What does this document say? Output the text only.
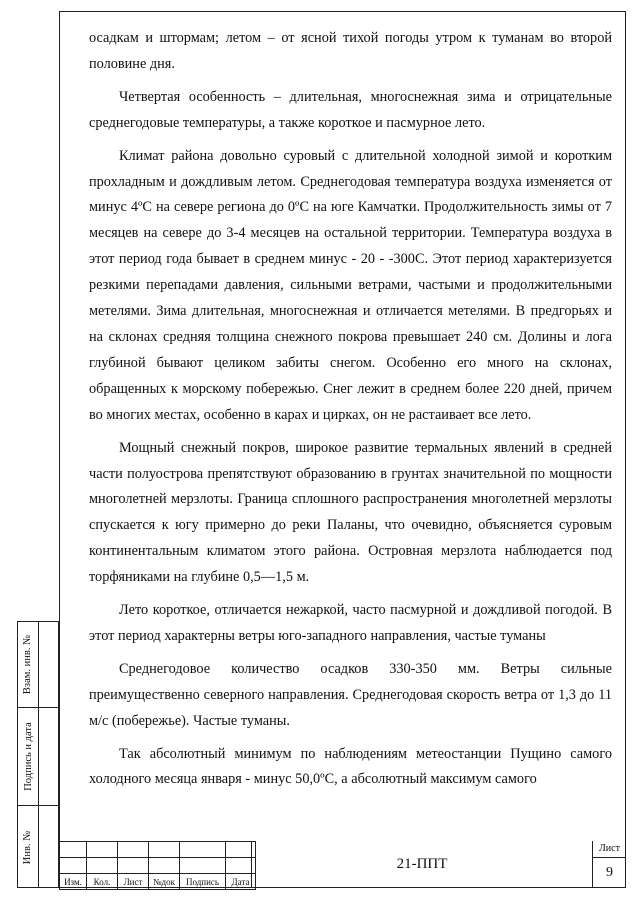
осадкам и штормам; летом – от ясной тихой погоды утром к туманам во второй половине дня.

Четвертая особенность – длительная, многоснежная зима и отрицательные среднегодовые температуры, а также короткое и пасмурное лето.

Климат района довольно суровый с длительной холодной зимой и коротким прохладным и дождливым летом. Среднегодовая температура воздуха изменяется от минус 4ºС на севере региона до 0ºС на юге Камчатки. Продолжительность зимы от 7 месяцев на севере до 3-4 месяцев на остальной территории. Температура воздуха в этот период года бывает в среднем минус - 20 - -300С. Этот период характеризуется резкими перепадами давления, сильными ветрами, частыми и продолжительными метелями. Зима длительная, многоснежная и отличается метелями. В предгорьях и на склонах средняя толщина снежного покрова превышает 240 см. Долины и лога глубиной бывают целиком забиты снегом. Особенно его много на склонах, обращенных к морскому побережью. Снег лежит в среднем более 220 дней, причем во многих местах, особенно в карах и цирках, он не растаивает все лето.

Мощный снежный покров, широкое развитие термальных явлений в средней части полуострова препятствуют образованию в грунтах значительной по мощности многолетней мерзлоты. Граница сплошного распространения многолетней мерзлоты спускается к югу примерно до реки Паланы, что очевидно, объясняется суровым континентальным климатом этого района. Островная мерзлота наблюдается под торфяниками на глубине 0,5—1,5 м.

Лето короткое, отличается нежаркой, часто пасмурной и дождливой погодой. В этот период характерны ветры юго-западного направления, частые туманы

Среднегодовое количество осадков 330-350 мм. Ветры сильные преимущественно северного направления. Среднегодовая скорость ветра от 1,3 до 11 м/с (побережье). Частые туманы.

Так абсолютный минимум по наблюдениям метеостанции Пущино самого холодного месяца января - минус 50,0ºС, а абсолютный максимум самого

Взам. инв. №
Подпись и дата
Инв. №

Изм.	Кол.	Лист	№док	Подпись	Дата
21-ППТ
Лист
9
